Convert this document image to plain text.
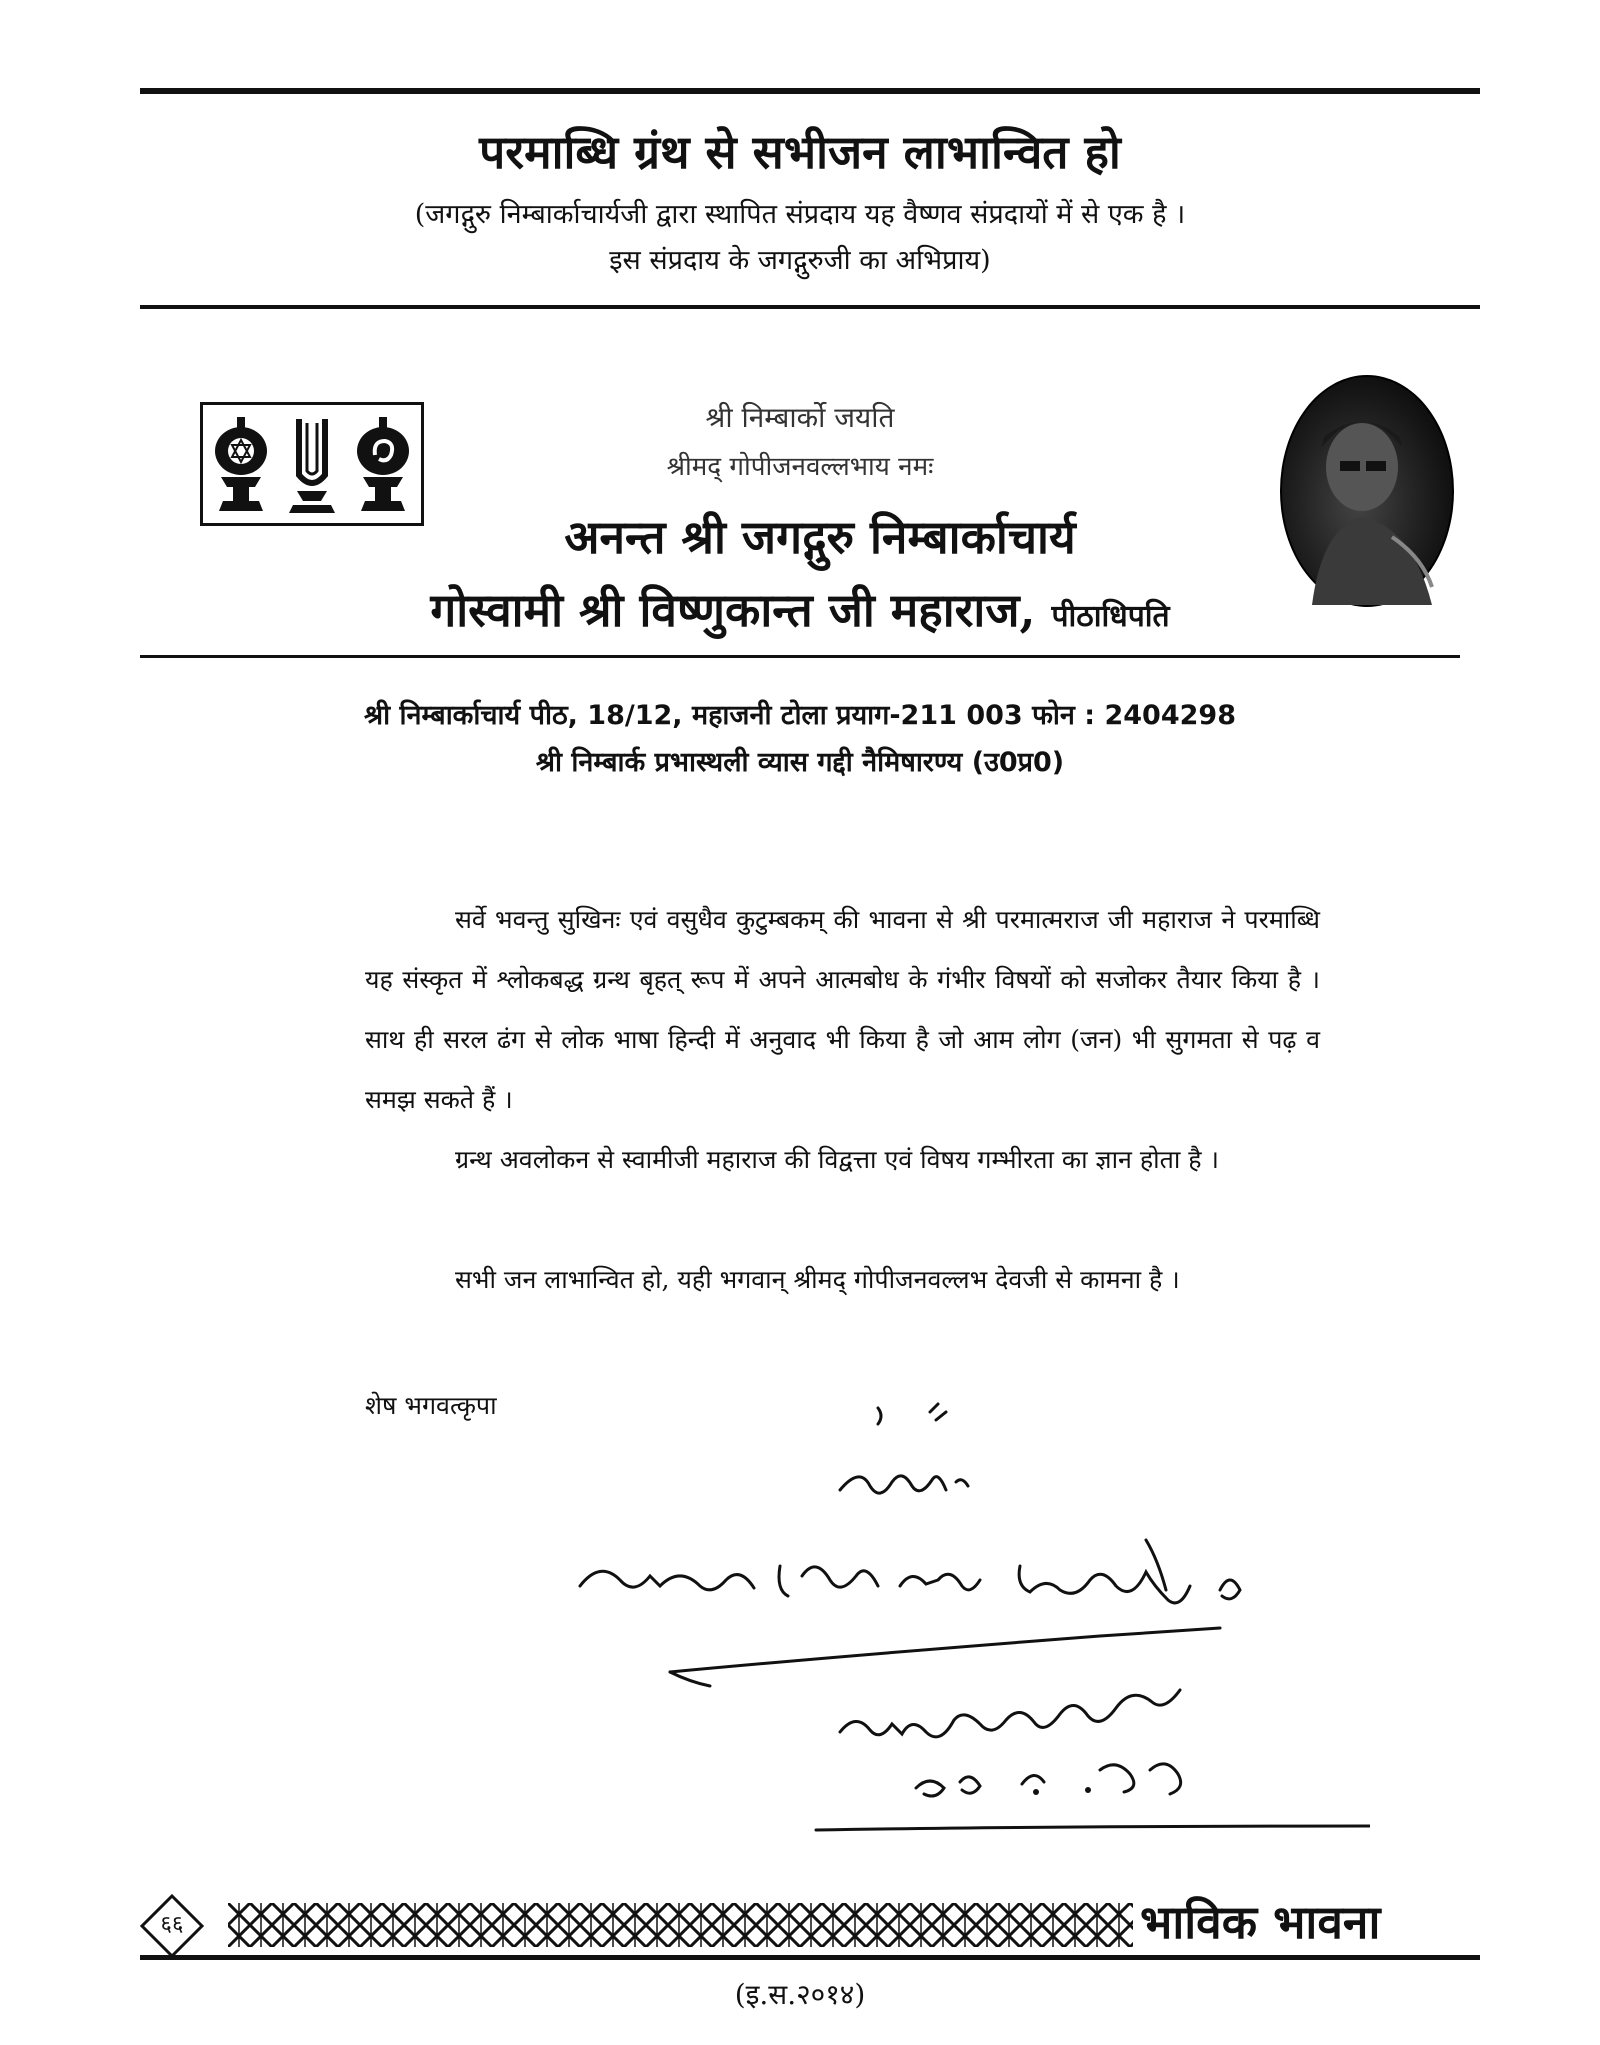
परमाब्धि ग्रंथ से सभीजन लाभान्वित हो
(जगद्गुरु निम्बार्काचार्यजी द्वारा स्थापित संप्रदाय यह वैष्णव संप्रदायों में से एक है ।
इस संप्रदाय के जगद्गुरुजी का अभिप्राय)
श्री निम्बार्को जयति
श्रीमद् गोपीजनवल्लभाय नमः
अनन्त श्री जगद्गुरु निम्बार्काचार्य
गोस्वामी श्री विष्णुकान्त जी महाराज, पीठाधिपति
श्री निम्बार्काचार्य पीठ, 18/12, महाजनी टोला प्रयाग-211 003 फोन : 2404298
श्री निम्बार्क प्रभास्थली व्यास गद्दी नैमिषारण्य (उ0प्र0)
सर्वे भवन्तु सुखिनः एवं वसुधैव कुटुम्बकम् की भावना से श्री परमात्मराज जी महाराज ने परमाब्धि यह संस्कृत में श्लोकबद्ध ग्रन्थ बृहत् रूप में अपने आत्मबोध के गंभीर विषयों को सजोकर तैयार किया है । साथ ही सरल ढंग से लोक भाषा हिन्दी में अनुवाद भी किया है जो आम लोग (जन) भी सुगमता से पढ़ व समझ सकते हैं ।
ग्रन्थ अवलोकन से स्वामीजी महाराज की विद्वत्ता एवं विषय गम्भीरता का ज्ञान होता है ।
सभी जन लाभान्वित हो, यही भगवान् श्रीमद् गोपीजनवल्लभ देवजी से कामना है ।
शेष भगवत्कृपा
६६	भाविक भावना
(इ.स.२०१४)
